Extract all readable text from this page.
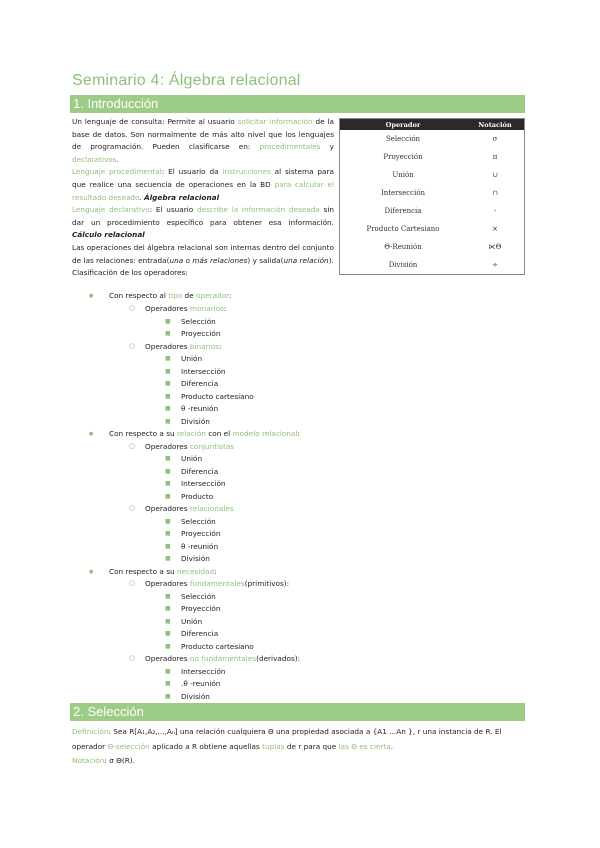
Seminario 4: Álgebra relacional
1. Introducción

Un lenguaje de consulta: Permite al usuario solicitar información de la base de datos. Son normalmente de más alto nivel que los lenguajes de programación. Pueden clasificarse en: procedimentales y declarativos.

Lenguaje procedimental: El usuario da instrucciones al sistema para que realice una secuencia de operaciones en la BD para calcular el resultado deseado. Álgebra relacional

Lenguaje declarativo: El usuario describe la información deseada sin dar un procedimiento específico para obtener esa información. Cálculo relacional

Las operaciones del álgebra relacional son internas dentro del conjunto de las relaciones: entrada(una o más relaciones) y salida(una relación).

Clasificación de los operadores:

Operador	Notación
Selección	σ
Proyección	π
Unión	∪
Intersección	∩
Diferencia	-
Producto Cartesiano	×
Θ-Reunión	⋉Θ
División	÷
● Con respecto al tipo de operador:
○ Operadores monarios:
■ Selección
■ Proyección
○ Operadores binarios:
■ Unión
■ Intersección
■ Diferencia
■ Producto cartesiano
■ θ -reunión
■ División
● Con respecto a su relación con el modelo relacional:
○ Operadores conjuntistas
■ Unión
■ Diferencia
■ Intersección
■ Producto
○ Operadores relacionales
■ Selección
■ Proyección
■ θ -reunión
■ División
● Con respecto a su necesidad:
○ Operadores fundamentales(primitivos):
■ Selección
■ Proyección
■ Unión
■ Diferencia
■ Producto cartesiano
○ Operadores no fundamentales(derivados):
■ Intersección
■ .θ -reunión
■ División
2. Selección

Definición: Sea R[A₁,A₂,...,Aₙ] una relación cualquiera Θ una propiedad asociada a {A1 ...An }, r una instancia de R. El operador Θ-selección aplicado a R obtiene aquellas tuplas de r para que las Θ es cierta.

Notación: σ Θ(R).
